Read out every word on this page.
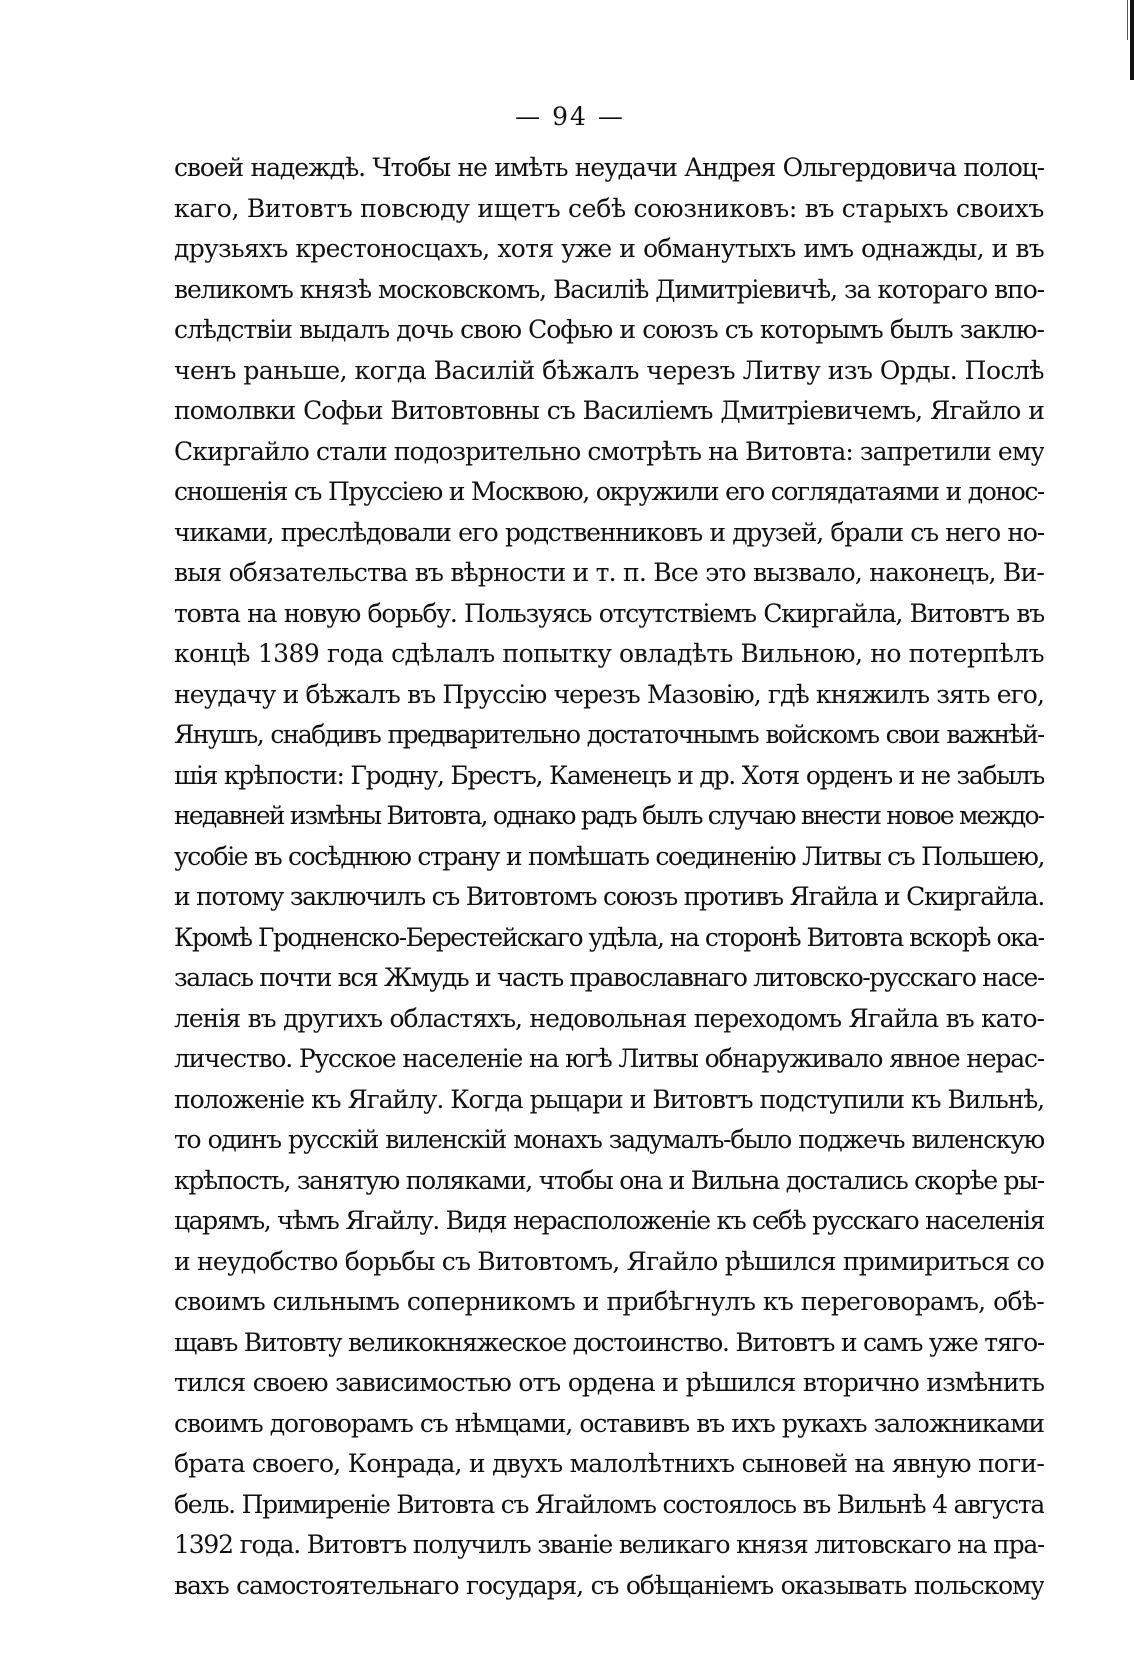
— 94 —
своей надеждѣ. Чтобы не имѣть неудачи Андрея Ольгердовича полоц-
каго, Витовтъ повсюду ищетъ себѣ союзниковъ: въ старыхъ своихъ
друзьяхъ крестоносцахъ, хотя уже и обманутыхъ имъ однажды, и въ
великомъ князѣ московскомъ, Василіѣ Димитріевичѣ, за котораго впо-
слѣдствіи выдалъ дочь свою Софью и союзъ съ которымъ былъ заклю-
ченъ раньше, когда Василій бѣжалъ черезъ Литву изъ Орды. Послѣ
помолвки Софьи Витовтовны съ Василіемъ Дмитріевичемъ, Ягайло и
Скиргайло стали подозрительно смотрѣть на Витовта: запретили ему
сношенія съ Пруссіею и Москвою, окружили его соглядатаями и донос-
чиками, преслѣдовали его родственниковъ и друзей, брали съ него но-
выя обязательства въ вѣрности и т. п. Все это вызвало, наконецъ, Ви-
товта на новую борьбу. Пользуясь отсутствіемъ Скиргайла, Витовтъ въ
концѣ 1389 года сдѣлалъ попытку овладѣть Вильною, но потерпѣлъ
неудачу и бѣжалъ въ Пруссію черезъ Мазовію, гдѣ княжилъ зять его,
Янушъ, снабдивъ предварительно достаточнымъ войскомъ свои важнѣй-
шія крѣпости: Гродну, Брестъ, Каменецъ и др. Хотя орденъ и не забылъ
недавней измѣны Витовта, однако радъ былъ случаю внести новое междо-
усобіе въ сосѣднюю страну и помѣшать соединенію Литвы съ Польшею,
и потому заключилъ съ Витовтомъ союзъ противъ Ягайла и Скиргайла.
Кромѣ Гродненско-Берестейскаго удѣла, на сторонѣ Витовта вскорѣ ока-
залась почти вся Жмудь и часть православнаго литовско-русскаго насе-
ленія въ другихъ областяхъ, недовольная переходомъ Ягайла въ като-
личество. Русское населеніе на югѣ Литвы обнаруживало явное нерас-
положеніе къ Ягайлу. Когда рыцари и Витовтъ подступили къ Вильнѣ,
то одинъ русскій виленскій монахъ задумалъ-было поджечь виленскую
крѣпость, занятую поляками, чтобы она и Вильна достались скорѣе ры-
царямъ, чѣмъ Ягайлу. Видя нерасположеніе къ себѣ русскаго населенія
и неудобство борьбы съ Витовтомъ, Ягайло рѣшился примириться со
своимъ сильнымъ соперникомъ и прибѣгнулъ къ переговорамъ, обѣ-
щавъ Витовту великокняжеское достоинство. Витовтъ и самъ уже тяго-
тился своею зависимостью отъ ордена и рѣшился вторично измѣнить
своимъ договорамъ съ нѣмцами, оставивъ въ ихъ рукахъ заложниками
брата своего, Конрада, и двухъ малолѣтнихъ сыновей на явную поги-
бель. Примиреніе Витовта съ Ягайломъ состоялось въ Вильнѣ 4 августа
1392 года. Витовтъ получилъ званіе великаго князя литовскаго на пра-
вахъ самостоятельнаго государя, съ обѣщаніемъ оказывать польскому
